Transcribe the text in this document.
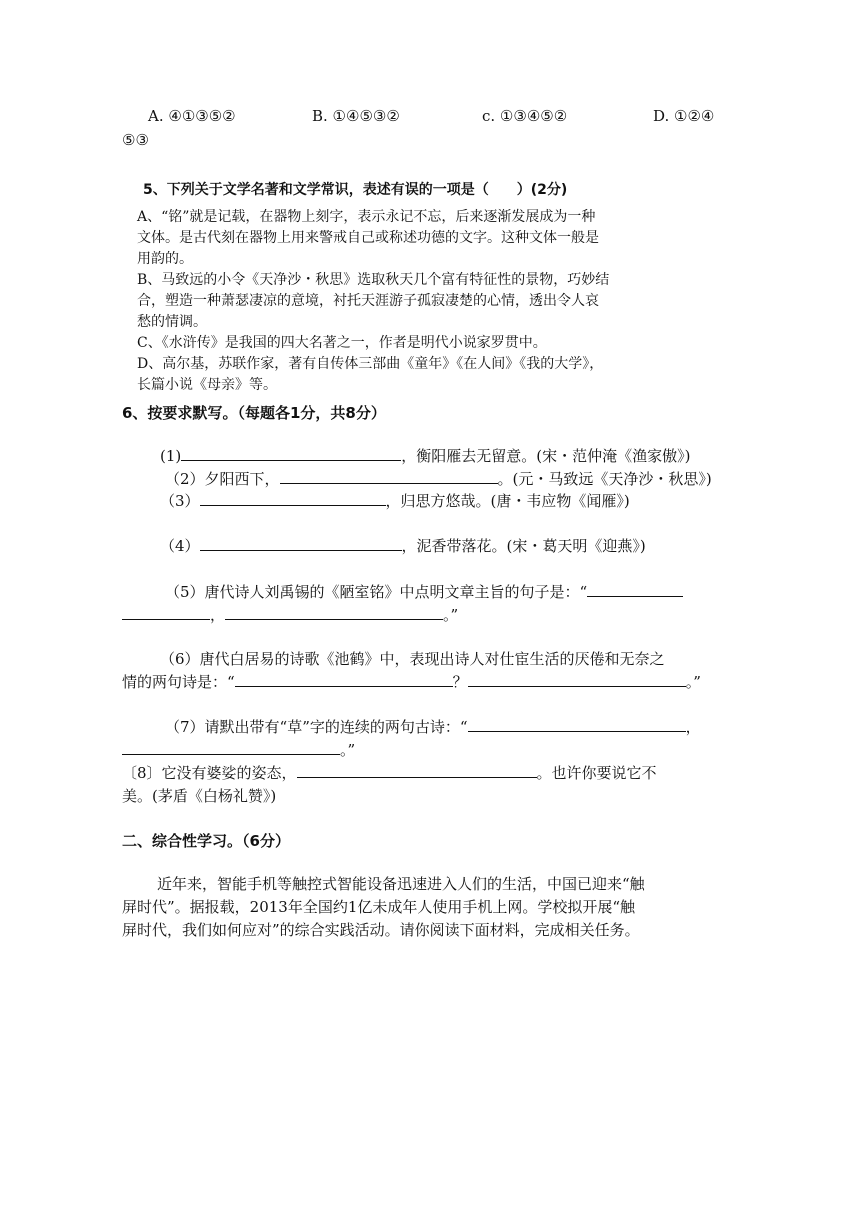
A. ④①③⑤②	B. ①④⑤③②	c. ①③④⑤②	D. ①②④
⑤③
5、下列关于文学名著和文学常识，表述有误的一项是（　　）(2分)
A、“铭”就是记载，在器物上刻字，表示永记不忘，后来逐渐发展成为一种
文体。是古代刻在器物上用来警戒自己或称述功德的文字。这种文体一般是
用韵的。
B、马致远的小令《天净沙・秋思》选取秋天几个富有特征性的景物，巧妙结
合，塑造一种萧瑟凄凉的意境，衬托天涯游子孤寂凄楚的心情，透出令人哀
愁的情调。
C、《水浒传》是我国的四大名著之一，作者是明代小说家罗贯中。
D、高尔基，苏联作家，著有自传体三部曲《童年》《在人间》《我的大学》，
长篇小说《母亲》等。
6、按要求默写。（每题各1分，共8分）
(1)	，衡阳雁去无留意。(宋・范仲淹《渔家傲》)
（2）夕阳西下，	。(元・马致远《天净沙・秋思》)
（3）	，归思方悠哉。(唐・韦应物《闻雁》)
（4）	，泥香带落花。(宋・葛天明《迎燕》)
（5）唐代诗人刘禹锡的《陋室铭》中点明文章主旨的句子是：“
，	。”
（6）唐代白居易的诗歌《池鹤》中，表现出诗人对仕宦生活的厌倦和无奈之
情的两句诗是：“	？	。”
（7）请默出带有“草”字的连续的两句古诗：“	，
。”
〔8〕它没有婆娑的姿态，	。也许你要说它不
美。(茅盾《白杨礼赞》)
二、综合性学习。（6分）
近年来，智能手机等触控式智能设备迅速进入人们的生活，中国已迎来“触
屏时代”。据报载，2013年全国约1亿未成年人使用手机上网。学校拟开展“触
屏时代，我们如何应对”的综合实践活动。请你阅读下面材料，完成相关任务。
